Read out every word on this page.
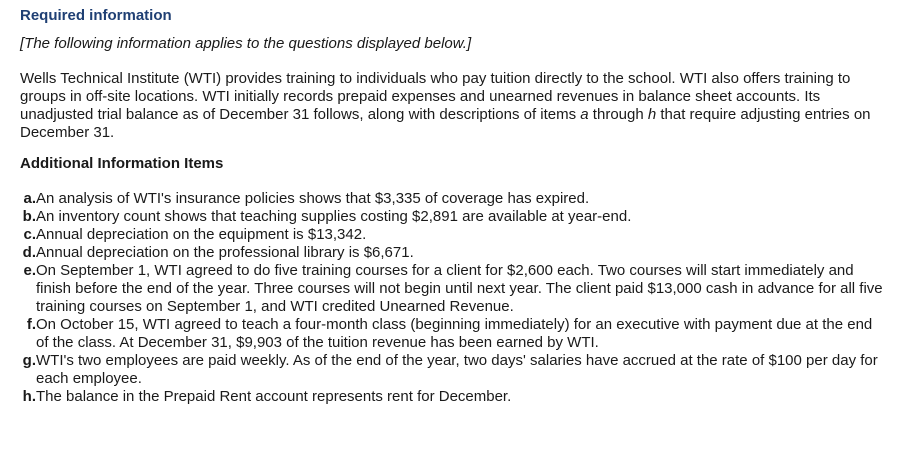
Required information

[The following information applies to the questions displayed below.]

Wells Technical Institute (WTI) provides training to individuals who pay tuition directly to the school. WTI also offers training to groups in off-site locations. WTI initially records prepaid expenses and unearned revenues in balance sheet accounts. Its unadjusted trial balance as of December 31 follows, along with descriptions of items a through h that require adjusting entries on December 31.

Additional Information Items
a. An analysis of WTI's insurance policies shows that $3,335 of coverage has expired.
b. An inventory count shows that teaching supplies costing $2,891 are available at year-end.
c. Annual depreciation on the equipment is $13,342.
d. Annual depreciation on the professional library is $6,671.
e. On September 1, WTI agreed to do five training courses for a client for $2,600 each. Two courses will start immediately and finish before the end of the year. Three courses will not begin until next year. The client paid $13,000 cash in advance for all five training courses on September 1, and WTI credited Unearned Revenue.
f. On October 15, WTI agreed to teach a four-month class (beginning immediately) for an executive with payment due at the end of the class. At December 31, $9,903 of the tuition revenue has been earned by WTI.
g. WTI's two employees are paid weekly. As of the end of the year, two days' salaries have accrued at the rate of $100 per day for each employee.
h. The balance in the Prepaid Rent account represents rent for December.
